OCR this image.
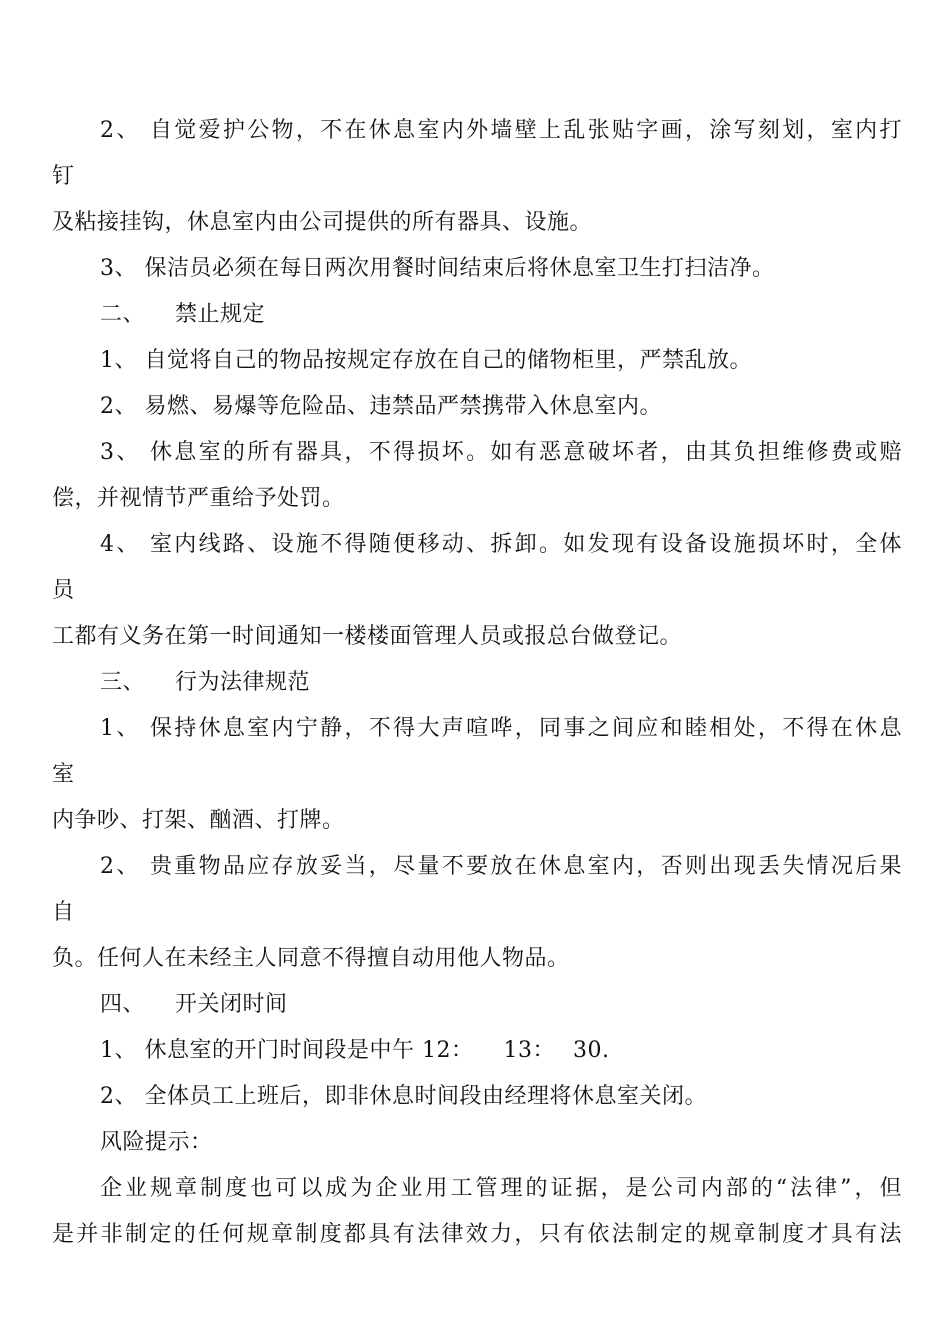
2、 自觉爱护公物，不在休息室内外墙壁上乱张贴字画，涂写刻划，室内打
钉
及粘接挂钩，休息室内由公司提供的所有器具、设施。
3、 保洁员必须在每日两次用餐时间结束后将休息室卫生打扫洁净。
二、 禁止规定
1、 自觉将自己的物品按规定存放在自己的储物柜里，严禁乱放。
2、 易燃、易爆等危险品、违禁品严禁携带入休息室内。
3、 休息室的所有器具，不得损坏。如有恶意破坏者，由其负担维修费或赔
偿，并视情节严重给予处罚。
4、 室内线路、设施不得随便移动、拆卸。如发现有设备设施损坏时，全体
员
工都有义务在第一时间通知一楼楼面管理人员或报总台做登记。
三、 行为法律规范
1、 保持休息室内宁静，不得大声喧哗，同事之间应和睦相处，不得在休息
室
内争吵、打架、酗酒、打牌。
2、 贵重物品应存放妥当，尽量不要放在休息室内，否则出现丢失情况后果
自
负。任何人在未经主人同意不得擅自动用他人物品。
四、 开关闭时间
1、 休息室的开门时间段是中午 12： 13： 30.
2、 全体员工上班后，即非休息时间段由经理将休息室关闭。
风险提示：
企业规章制度也可以成为企业用工管理的证据，是公司内部的“法律”，但
是并非制定的任何规章制度都具有法律效力，只有依法制定的规章制度才具有法
